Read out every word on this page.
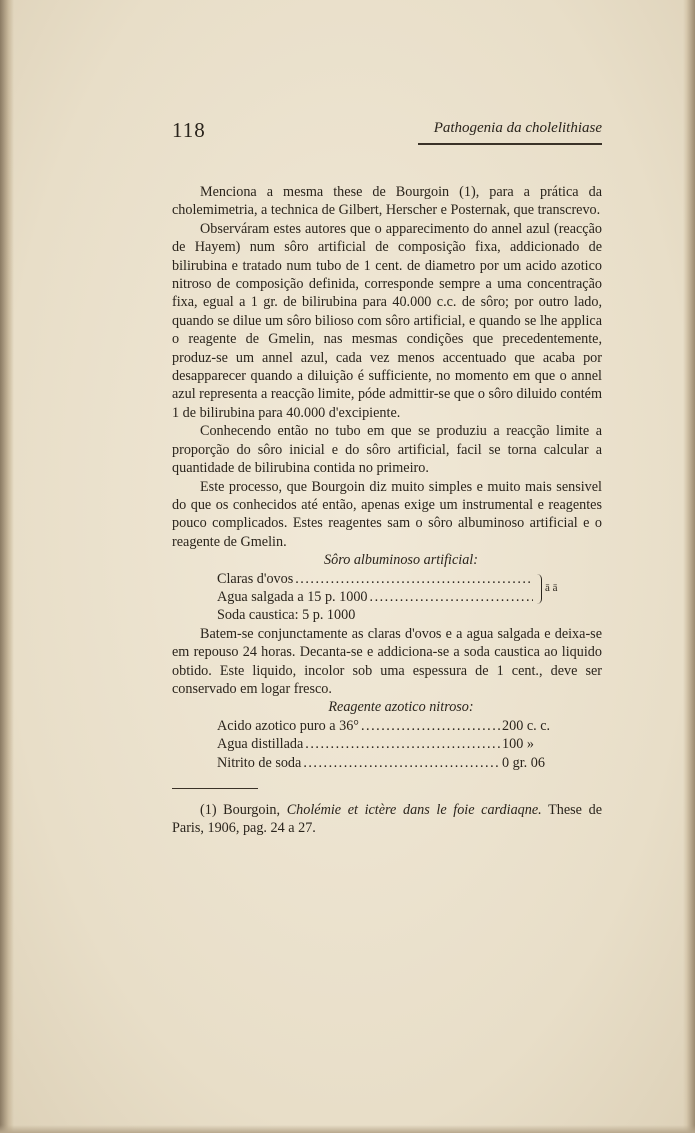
118	Pathogenia da cholelithiase

Menciona a mesma these de Bourgoin (1), para a prática da cholemimetria, a technica de Gilbert, Herscher e Posternak, que transcrevo.

Observáram estes autores que o apparecimento do annel azul (reacção de Hayem) num sôro artificial de composição fixa, addicionado de bilirubina e tratado num tubo de 1 cent. de diametro por um acido azotico nitroso de composição definida, corresponde sempre a uma concentração fixa, egual a 1 gr. de bilirubina para 40.000 c.c. de sôro; por outro lado, quando se dilue um sôro bilioso com sôro artificial, e quando se lhe applica o reagente de Gmelin, nas mesmas condições que precedentemente, produz-se um annel azul, cada vez menos accentuado que acaba por desapparecer quando a diluição é sufficiente, no momento em que o annel azul representa a reacção limite, póde admittir-se que o sôro diluido contém 1 de bilirubina para 40.000 d'excipiente.

Conhecendo então no tubo em que se produziu a reacção limite a proporção do sôro inicial e do sôro artificial, facil se torna calcular a quantidade de bilirubina contida no primeiro.

Este processo, que Bourgoin diz muito simples e muito mais sensivel do que os conhecidos até então, apenas exige um instrumental e reagentes pouco complicados. Estes reagentes sam o sôro albuminoso artificial e o reagente de Gmelin.

Sôro albuminoso artificial:

Claras d'ovos
.....
Agua salgada a 15 p. 1000
.....
ā ā
Soda caustica: 5 p. 1000

Batem-se conjunctamente as claras d'ovos e a agua salgada e deixa-se em repouso 24 horas. Decanta-se e addiciona-se a soda caustica ao liquido obtido. Este liquido, incolor sob uma espessura de 1 cent., deve ser conservado em logar fresco.

Reagente azotico nitroso:

Acido azotico puro a 36° .....	200 c. c.
Agua distillada .....	100 »
Nitrito de soda .....	0 gr. 06

(1) Bourgoin, Cholémie et ictère dans le foie cardiaqne. These de Paris, 1906, pag. 24 a 27.
